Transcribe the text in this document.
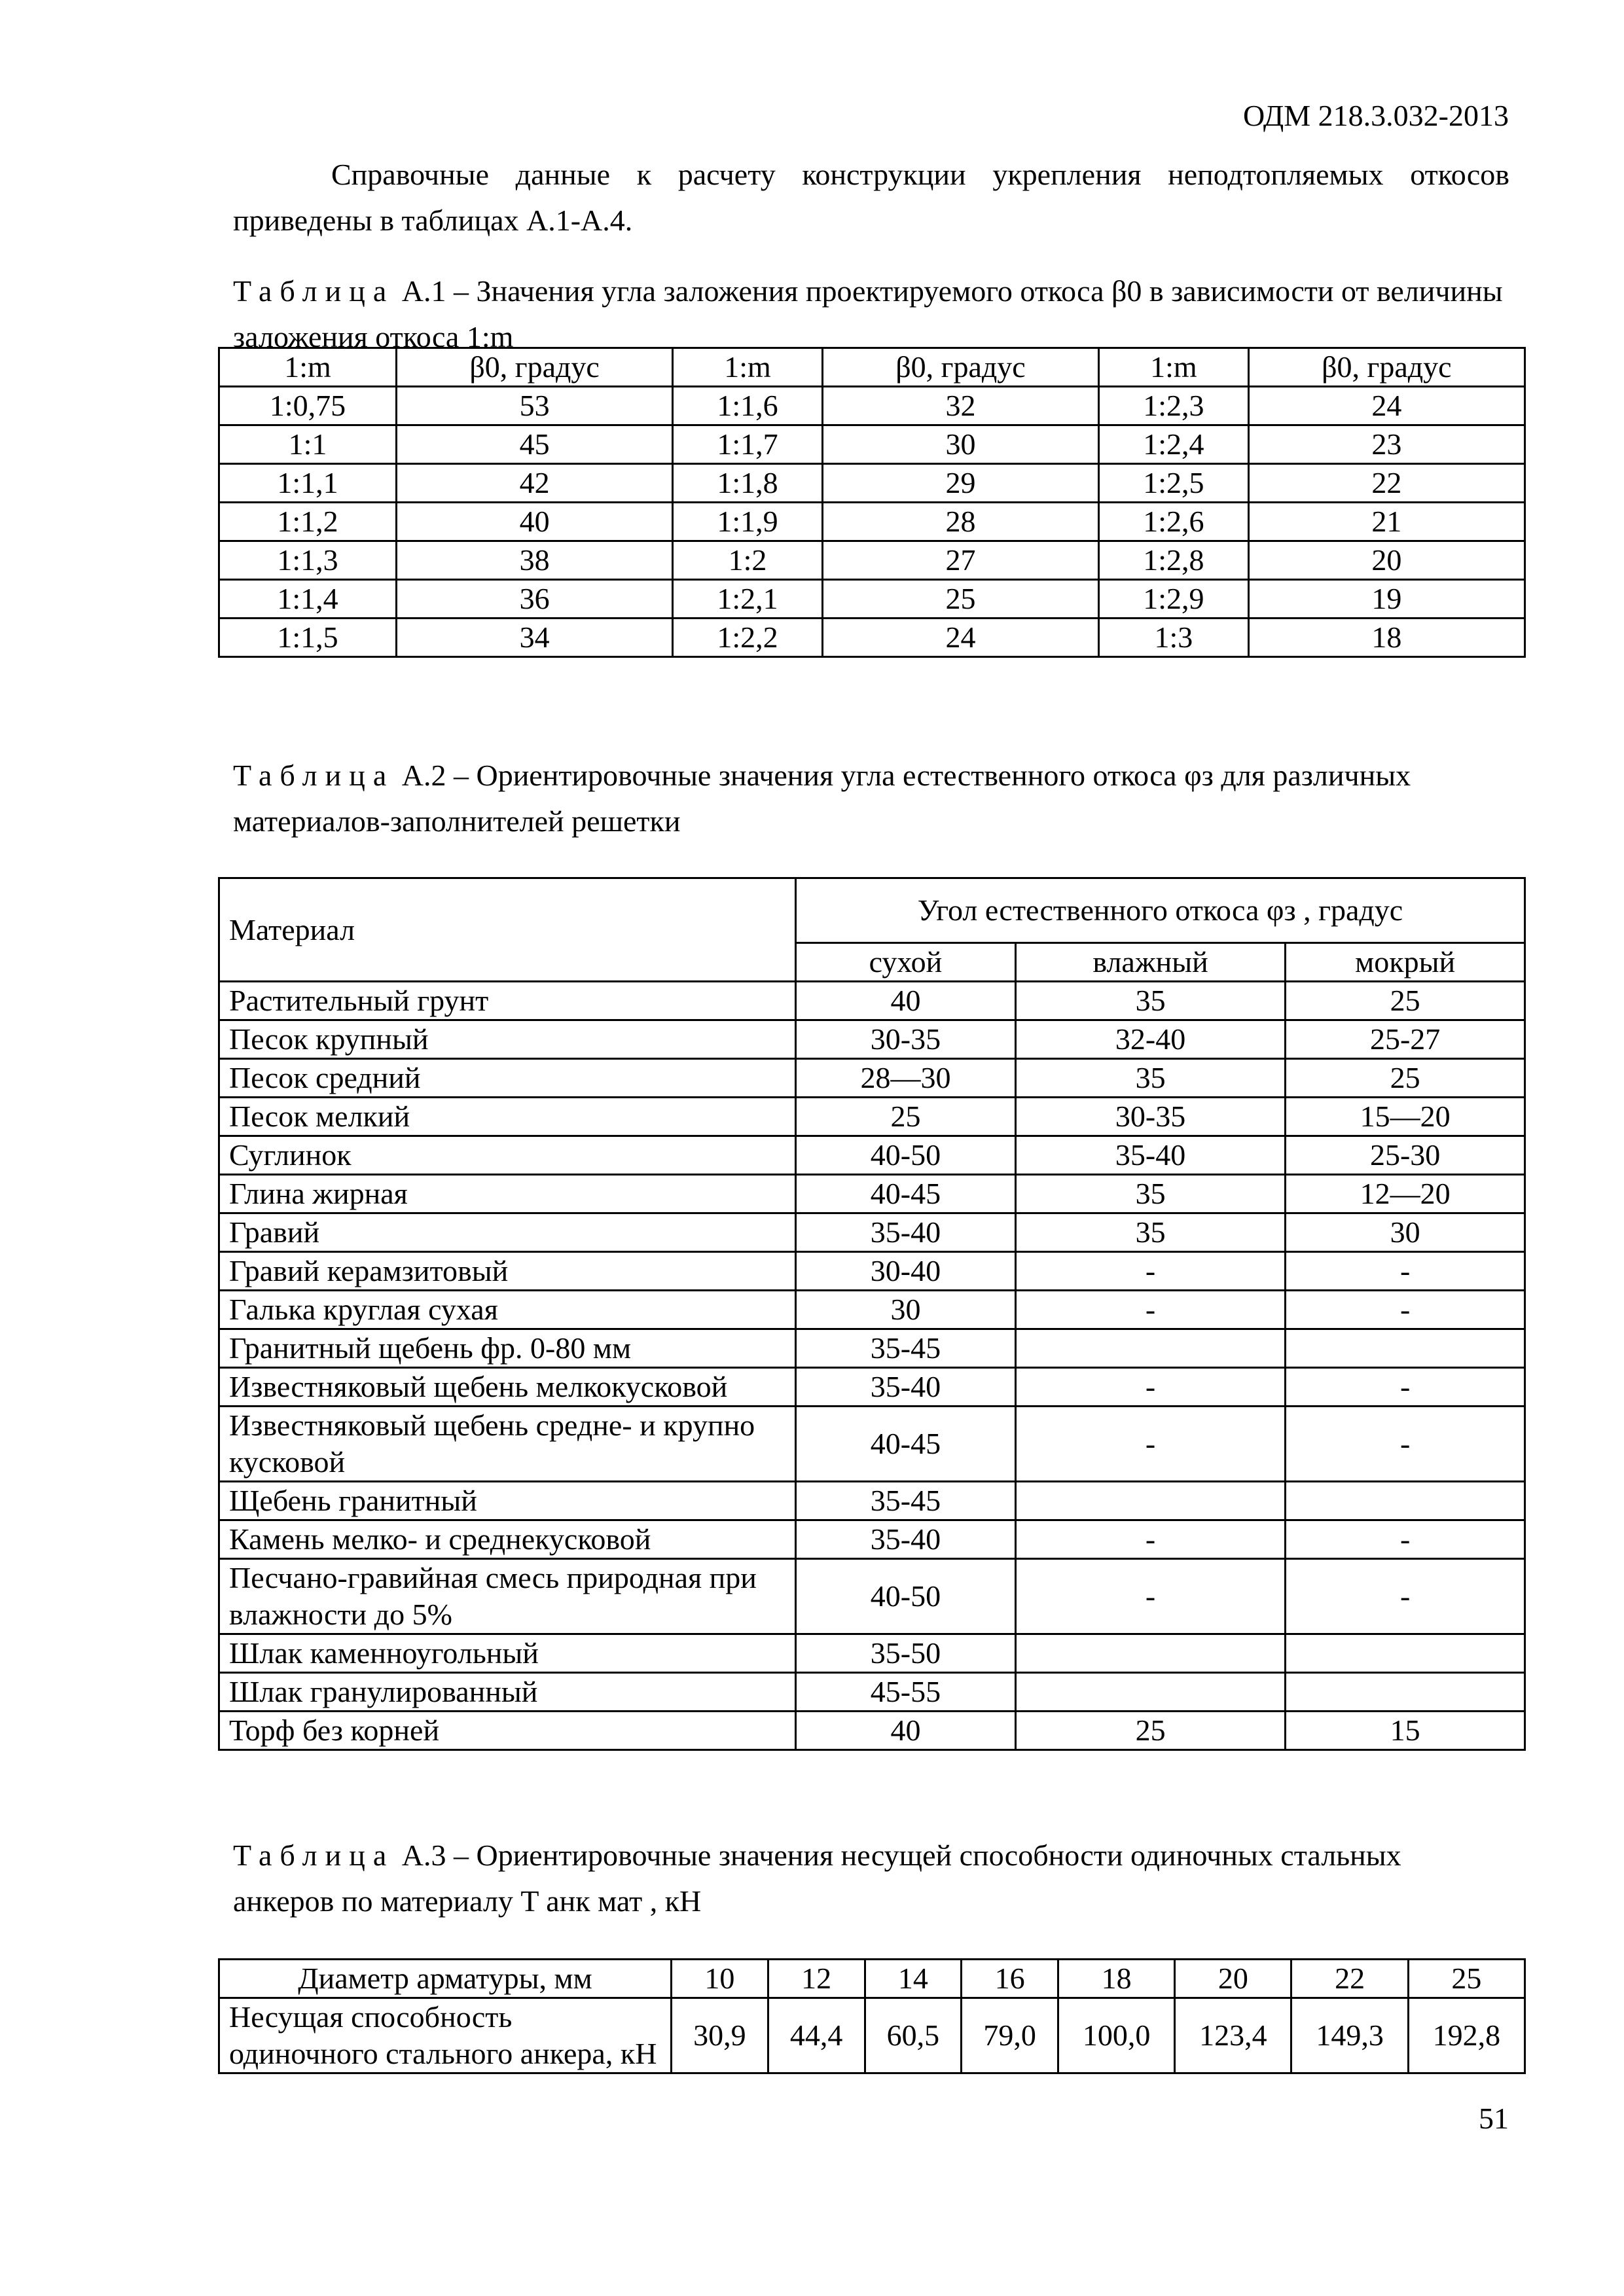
ОДМ 218.3.032-2013
Справочные данные к расчету конструкции укрепления неподтопляемых откосов приведены в таблицах А.1-А.4.
Таблица А.1 – Значения угла заложения проектируемого откоса β0 в зависимости от величины заложения откоса 1:m
1:m	β0, градус	1:m	β0, градус	1:m	β0, градус
1:0,75	53	1:1,6	32	1:2,3	24
1:1	45	1:1,7	30	1:2,4	23
1:1,1	42	1:1,8	29	1:2,5	22
1:1,2	40	1:1,9	28	1:2,6	21
1:1,3	38	1:2	27	1:2,8	20
1:1,4	36	1:2,1	25	1:2,9	19
1:1,5	34	1:2,2	24	1:3	18
Таблица А.2 – Ориентировочные значения угла естественного откоса φз для различных материалов-заполнителей решетки
Материал	Угол естественного откоса φз , градус		
	сухой	влажный	мокрый
Растительный грунт	40	35	25
Песок крупный	30-35	32-40	25-27
Песок средний	28—30	35	25
Песок мелкий	25	30-35	15—20
Суглинок	40-50	35-40	25-30
Глина жирная	40-45	35	12—20
Гравий	35-40	35	30
Гравий керамзитовый	30-40	-	-
Галька круглая сухая	30	-	-
Гранитный щебень фр. 0-80 мм	35-45		
Известняковый щебень мелкокусковой	35-40	-	-
Известняковый щебень средне- и крупно кусковой	40-45	-	-
Щебень гранитный	35-45		
Камень мелко- и среднекусковой	35-40	-	-
Песчано-гравийная смесь природная при влажности до 5%	40-50	-	-
Шлак каменноугольный	35-50		
Шлак гранулированный	45-55		
Торф без корней	40	25	15
Таблица А.3 – Ориентировочные значения несущей способности одиночных стальных анкеров по материалу T анк мат , кН
Диаметр арматуры, мм	10	12	14	16	18	20	22	25
Несущая способность одиночного стального анкера, кН	30,9	44,4	60,5	79,0	100,0	123,4	149,3	192,8
51
